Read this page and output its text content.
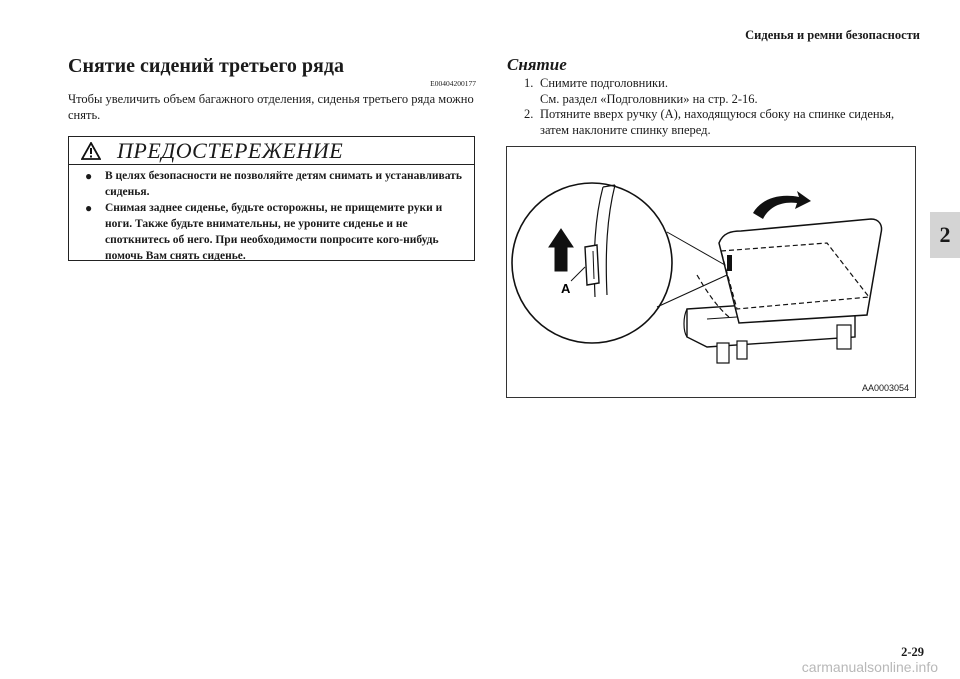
Сиденья и ремни безопасности
2
Снятие сидений третьего ряда
E00404200177
Чтобы увеличить объем багажного отделения, сиденья третьего ряда можно снять.
ПРЕДОСТЕРЕЖЕНИЕ
● В целях безопасности не позволяйте детям снимать и устанавливать сиденья.
● Снимая заднее сиденье, будьте осторожны, не прищемите руки и ноги. Также будьте внимательны, не уроните сиденье и не споткнитесь об него. При необходимости попросите кого-нибудь помочь Вам снять сиденье.
Снятие
1. Снимите подголовники.
См. раздел «Подголовники» на стр. 2-16.
2. Потяните вверх ручку (A), находящуюся сбоку на спинке сиденья, затем наклоните спинку вперед.
A
AA0003054
2-29
carmanualsonline.info
